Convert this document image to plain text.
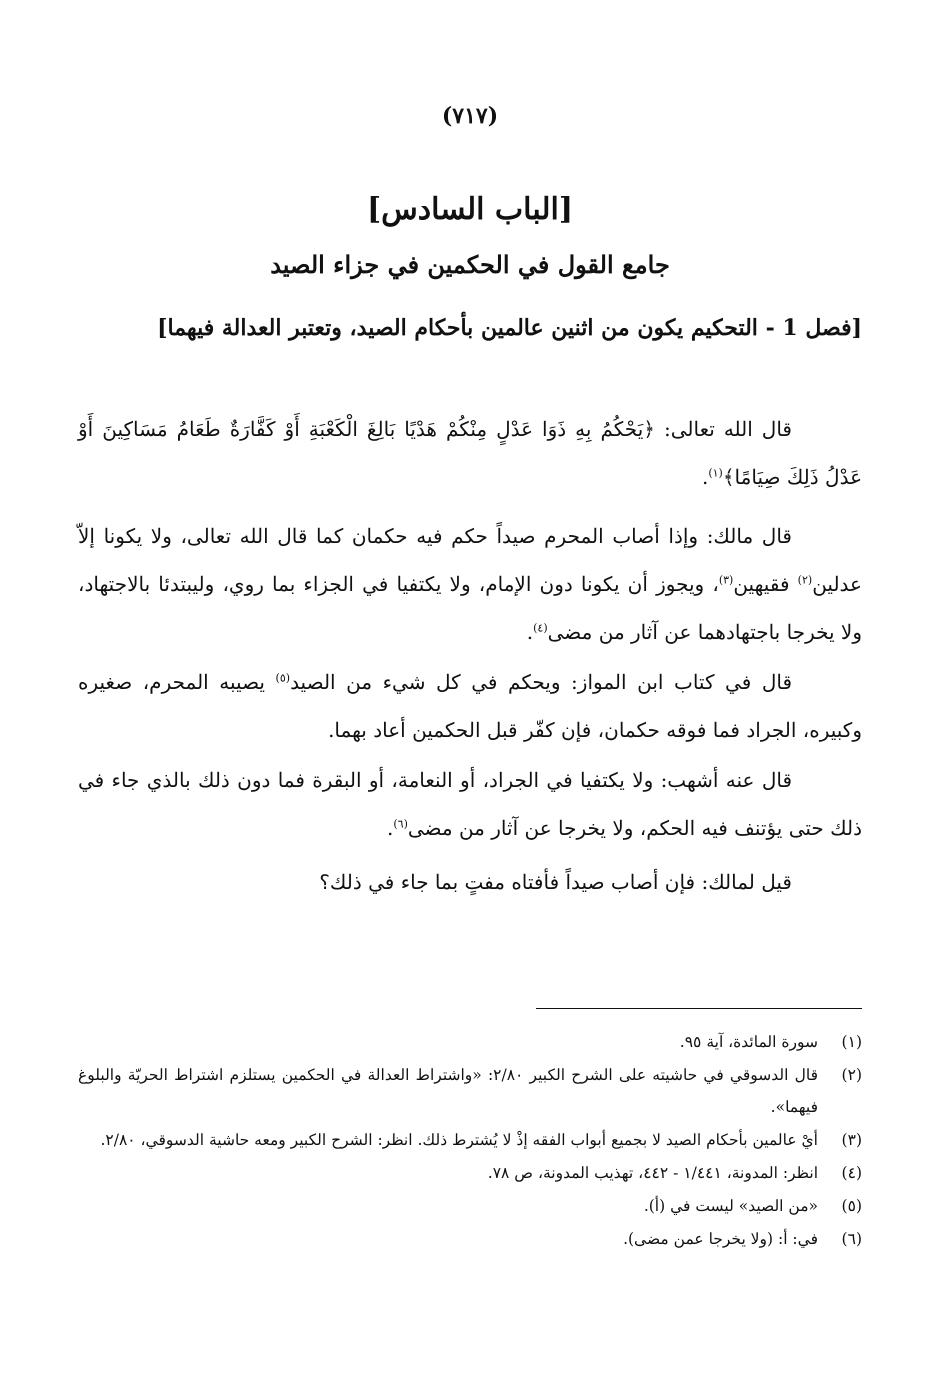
(٧١٧)
[الباب السادس]
جامع القول في الحكمين في جزاء الصيد
[فصل 1 - التحكيم يكون من اثنين عالمين بأحكام الصيد، وتعتبر العدالة فيهما]
قال الله تعالى: ﴿يَحْكُمُ بِهِ ذَوَا عَدْلٍ مِنْكُمْ هَدْيًا بَالِغَ الْكَعْبَةِ أَوْ كَفَّارَةٌ طَعَامُ مَسَاكِينَ أَوْ عَدْلُ ذَلِكَ صِيَامًا﴾$^{(١)}$.
قال مالك: وإذا أصاب المحرم صيداً حكم فيه حكمان كما قال الله تعالى، ولا يكونا إلاّ عدلين$^{(٢)}$ فقيهين$^{(٣)}$، ويجوز أن يكونا دون الإمام، ولا يكتفيا في الجزاء بما روي، وليبتدئا بالاجتهاد، ولا يخرجا باجتهادهما عن آثار من مضى$^{(٤)}$.
قال في كتاب ابن المواز: ويحكم في كل شيء من الصيد$^{(٥)}$ يصيبه المحرم، صغيره وكبيره، الجراد فما فوقه حكمان، فإن كفّر قبل الحكمين أعاد بهما.
قال عنه أشهب: ولا يكتفيا في الجراد، أو النعامة، أو البقرة فما دون ذلك بالذي جاء في ذلك حتى يؤتنف فيه الحكم، ولا يخرجا عن آثار من مضى$^{(٦)}$.
قيل لمالك: فإن أصاب صيداً فأفتاه مفتٍ بما جاء في ذلك؟
(١)
سورة المائدة، آية ٩٥.
(٢)
قال الدسوقي في حاشيته على الشرح الكبير ٢/٨٠: «واشتراط العدالة في الحكمين يستلزم اشتراط الحريّة والبلوغ فيهما».
(٣)
أيْ عالمين بأحكام الصيد لا بجميع أبواب الفقه إذْ لا يُشترط ذلك. انظر: الشرح الكبير ومعه حاشية الدسوقي، ٢/٨٠.
(٤)
انظر: المدونة، ١/٤٤١ - ٤٤٢، تهذيب المدونة، ص ٧٨.
(٥)
«من الصيد» ليست في (أ).
(٦)
في: أ: (ولا يخرجا عمن مضى).
